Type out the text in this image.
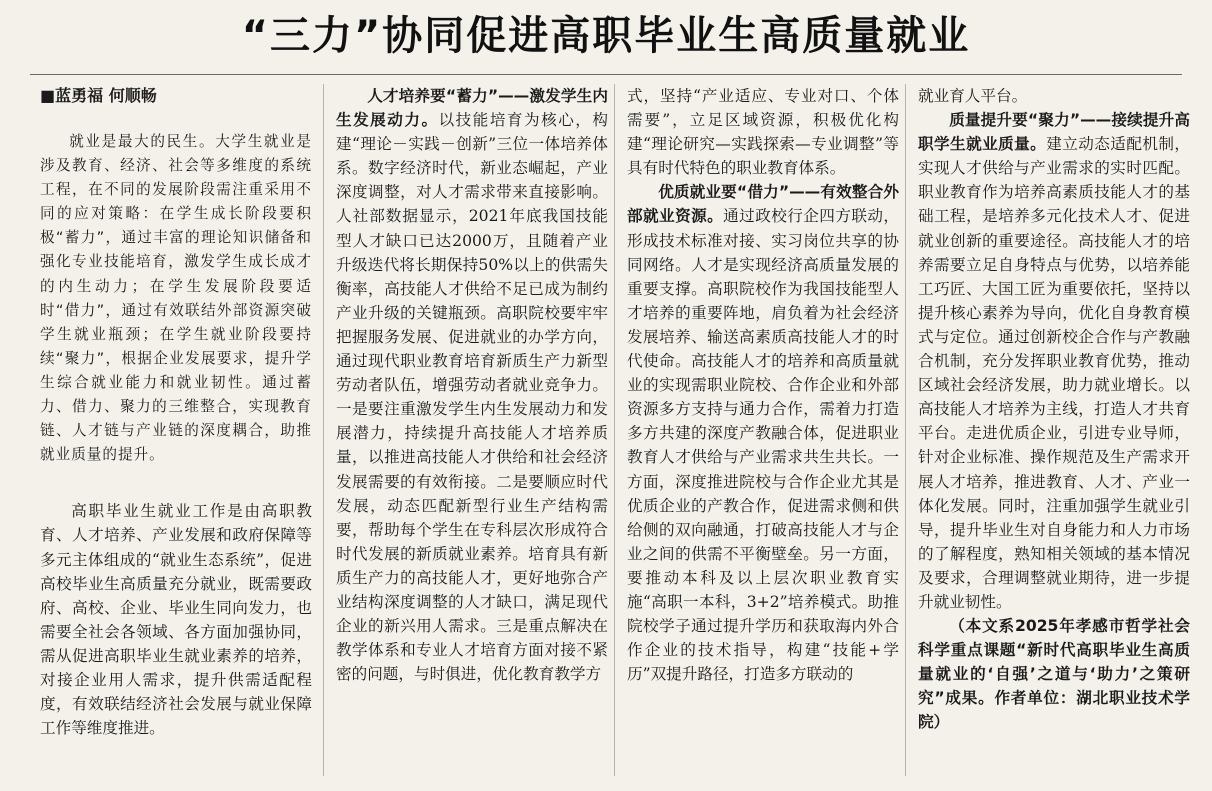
“三力”协同促进高职毕业生高质量就业
■蓝勇福 何顺畅

就业是最大的民生。大学生就业是涉及教育、经济、社会等多维度的系统工程，在不同的发展阶段需注重采用不同的应对策略：在学生成长阶段要积极“蓄力”，通过丰富的理论知识储备和强化专业技能培育，激发学生成长成才的内生动力；在学生发展阶段要适时“借力”，通过有效联结外部资源突破学生就业瓶颈；在学生就业阶段要持续“聚力”，根据企业发展要求，提升学生综合就业能力和就业韧性。通过蓄力、借力、聚力的三维整合，实现教育链、人才链与产业链的深度耦合，助推就业质量的提升。

高职毕业生就业工作是由高职教育、人才培养、产业发展和政府保障等多元主体组成的“就业生态系统”，促进高校毕业生高质量充分就业，既需要政府、高校、企业、毕业生同向发力，也需要全社会各领域、各方面加强协同，需从促进高职毕业生就业素养的培养，对接企业用人需求，提升供需适配程度，有效联结经济社会发展与就业保障工作等维度推进。

人才培养要“蓄力”——激发学生内生发展动力。以技能培育为核心，构建“理论－实践－创新”三位一体培养体系。数字经济时代，新业态崛起，产业深度调整，对人才需求带来直接影响。人社部数据显示，2021年底我国技能型人才缺口已达2000万，且随着产业升级迭代将长期保持50%以上的供需失衡率，高技能人才供给不足已成为制约产业升级的关键瓶颈。高职院校要牢牢把握服务发展、促进就业的办学方向，通过现代职业教育培育新质生产力新型劳动者队伍，增强劳动者就业竞争力。一是要注重激发学生内生发展动力和发展潜力，持续提升高技能人才培养质量，以推进高技能人才供给和社会经济发展需要的有效衔接。二是要顺应时代发展，动态匹配新型行业生产结构需要，帮助每个学生在专科层次形成符合时代发展的新质就业素养。培育具有新质生产力的高技能人才，更好地弥合产业结构深度调整的人才缺口，满足现代企业的新兴用人需求。三是重点解决在教学体系和专业人才培育方面对接不紧密的问题，与时俱进，优化教育教学方

式，坚持“产业适应、专业对口、个体需要”，立足区域资源，积极优化构建“理论研究—实践探索—专业调整”等具有时代特色的职业教育体系。

优质就业要“借力”——有效整合外部就业资源。通过政校行企四方联动，形成技术标准对接、实习岗位共享的协同网络。人才是实现经济高质量发展的重要支撑。高职院校作为我国技能型人才培养的重要阵地，肩负着为社会经济发展培养、输送高素质高技能人才的时代使命。高技能人才的培养和高质量就业的实现需职业院校、合作企业和外部资源多方支持与通力合作，需着力打造多方共建的深度产教融合体，促进职业教育人才供给与产业需求共生共长。一方面，深度推进院校与合作企业尤其是优质企业的产教合作，促进需求侧和供给侧的双向融通，打破高技能人才与企业之间的供需不平衡壁垒。另一方面，要推动本科及以上层次职业教育实施“高职一本科，3+2”培养模式。助推院校学子通过提升学历和获取海内外合作企业的技术指导，构建“技能+学历”双提升路径，打造多方联动的

就业育人平台。

质量提升要“聚力”——接续提升高职学生就业质量。建立动态适配机制，实现人才供给与产业需求的实时匹配。职业教育作为培养高素质技能人才的基础工程，是培养多元化技术人才、促进就业创新的重要途径。高技能人才的培养需要立足自身特点与优势，以培养能工巧匠、大国工匠为重要依托，坚持以提升核心素养为导向，优化自身教育模式与定位。通过创新校企合作与产教融合机制，充分发挥职业教育优势，推动区域社会经济发展，助力就业增长。以高技能人才培养为主线，打造人才共育平台。走进优质企业，引进专业导师，针对企业标准、操作规范及生产需求开展人才培养，推进教育、人才、产业一体化发展。同时，注重加强学生就业引导，提升毕业生对自身能力和人力市场的了解程度，熟知相关领域的基本情况及要求，合理调整就业期待，进一步提升就业韧性。

（本文系2025年孝感市哲学社会科学重点课题“新时代高职毕业生高质量就业的‘自强’之道与‘助力’之策研究”成果。作者单位：湖北职业技术学院）
